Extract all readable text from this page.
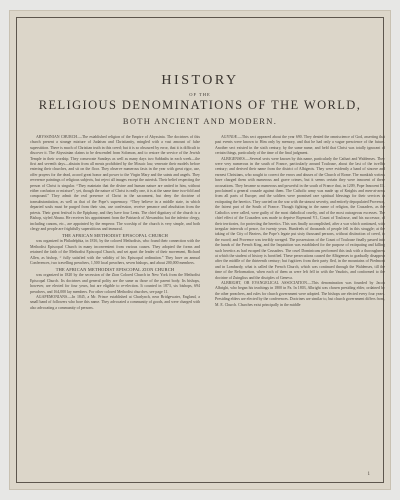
HISTORY
OF THE
RELIGIOUS DENOMINATIONS OF THE WORLD,
BOTH ANCIENT AND MODERN.

ABYSSINIAN CHURCH.—The established religion of the Empire of Abyssinia. The doctrines of this church present a strange mixture of Judaism and Christianity, mingled with a vast amount of false superstition. There is much of Christian truth in this creed; but it is so obscured by error, that it is difficult to discover it. The Abyssinian claims to be descended from Solomon, and to restore the service of the Jewish Temple in their worship. They consecrate Sundays as well as many days two Sabbaths in each week—the first and seventh days—abstain from all meats prohibited by the Mosaic law, venerate their models before entering their churches, and sit on the floor. They observe numerous fasts in the year with great rigor, use, offer prayers for the dead, accord great honor and power to the Virgin Mary and the saints and angels. They reverence paintings of religious subjects, but reject all images except the asterisk. Their belief respecting the person of Christ is singular. “They maintain that the divine and human nature are united in him, without either confusion or mixture”; yet, though the nature of Christ is really one, it is at the same time two-fold and compound.” They admit the real presence of Christ in the sacrament, but deny the doctrine of transubstantiation, as well as that of the Pope’s supremacy. “They believe in a middle state, in which departed souls must be purged from their sins, use confession, receive penance and absolution from the priests. Their great festival is the Epiphany, and they have four Lents. The chief dignitary of the church is a Bishop, styled Abuna. He receives his appointment from the Patriarch of Alexandria; but the inferior clergy, including canons, etc., are appointed by the emperor. The worship of the church is very simple, and both clergy and people are frightfully superstitious and immoral.

THE AFRICAN METHODIST EPISCOPAL CHURCH

was organized in Philadelphia, in 1816, by the colored Methodists, who found their connection with the Methodist Episcopal Church in many inconvenient from various causes. They adopted the forms and retained the faith of the Methodist Episcopal Church, and set apart the leader of their movement, Richard Allen, as bishop, “ fully satisfied with the validity of his Episcopal ordination.” They have an annual Conferences, two travelling preachers, 1,500 local preachers, seven bishops, and about 200,000 members.

THE AFRICAN METHODIST EPISCOPAL ZION CHURCH

was organized in 1820 by the secession of the Zion Colored Church in New York from the Methodist Episcopal Church. Its doctrines and general polity are the same as those of the parent body. Its bishops, however, are elected for four years, but are eligible to re-election. It counted in 1873, six bishops, 694 preachers, and 164,000 lay members. For other colored Methodist churches, see page 11.

AGAPEMONIANS.—In 1845, a Mr. Prince established at Charlynch, near Bridgewater, England, a small band of followers who bore this name. They advocated a community of goods, and were charged with also advocating a community of persons.

AGYNIÆ.—This sect appeared about the year 690. They denied the omniscience of God, asserting that past events were known to Him only by memory, and that he had only a vague prescience of the future. Another sect existed in the sixth century, by the same name, and held that Christ was totally ignorant of certain things, particularly of the time of the final judgment.

ALBIGENSES.—Several sects were known by this name, particularly the Cathari and Waldenses. They were very numerous in the south of France, particularly around Toulouse, about the last of the twelfth century; and derived their name from the district of Albigeois. They were evidently a band of sincere and earnest Christians, who sought to correct the errors and abuses of the Church of Rome. The monkish writers have charged them with numerous and grave crimes, but it seems certain they were innocent of these accusations. They became so numerous and powerful in the south of France that, in 1209, Pope Innocent III. proclaimed a general crusade against them. The Catholic army was made up of Knights and men-at-arms from all parts of Europe; and the soldiers were promised rare spiritual blessings for their services in extirpating the heretics. They carried on the war with the utmost severity, and entirely depopulated Provence, the fairest part of the South of France. Though fighting in the name of religion, the Crusaders, as the Catholics were called, were guilty of the most diabolical cruelty, and of the most outrageous excesses. The chief effect of the Crusaders was made to deprive Raymond VI., Count of Toulouse, and his successor, of their territories, for protecting the heretics. This was finally accomplished, after a war which continued, with irregular intervals of peace, for twenty years. Hundreds of thousands of people fell in this struggle; at the taking of the City of Beziers, the Pope’s legate put sixty thousand persons, without distinction of creed, to the sword; and Provence was terribly ravaged. The possessions of the Count of Toulouse finally passed into the hands of the French King, and the Inquisition was established for the purpose of extirpating and killing such heretics as had escaped the Crusaders. The cruel Dominicans performed this task with a thoroughness at which the student of history is horrified. These persecutions caused the Albigenses to gradually disappear after the middle of the thirteenth century; but fugitives from their party fled, in the mountains of Piedmont and in Lombardy, what is called the French Church, which was continued through the Waldenses, till the time of the Reformation, when each of them as were left fell in with the Vaudois, and conformed to the doctrine of Zuinglius and the disciples of Geneva.

ALBRIGHT, OR EVANGELICAL ASSOCIATION.—This denomination was founded by Jacob Albright, who began his teachings in 1800 in Pa. In 1803, Albright was chosen presiding elder, ordained by the other preachers, and rules for church government were adopted. The bishops are elected every four years. Presiding elders are elected by the conferences. Doctrines are similar to, but church government differs from, M. E. Church. Churches exist principally in the middle

1
